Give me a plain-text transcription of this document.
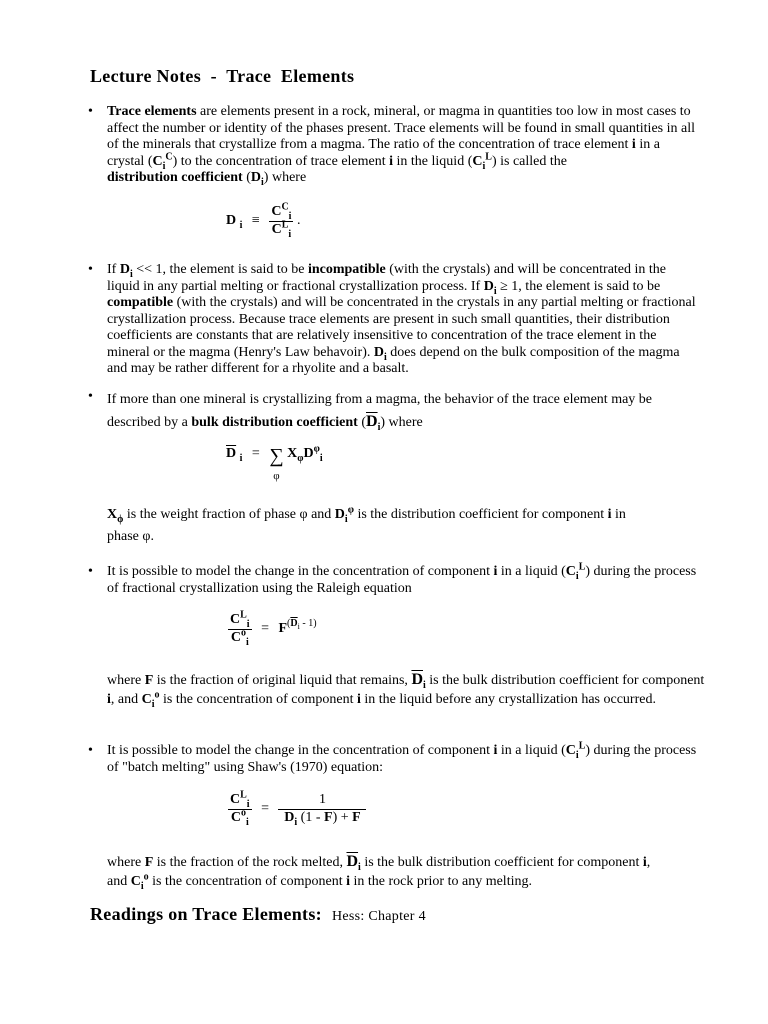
Lecture Notes  -  Trace  Elements
• Trace elements are elements present in a rock, mineral, or magma in quantities too low in most cases to affect the number or identity of the phases present. Trace elements will be found in small quantities in all of the minerals that crystallize from a magma. The ratio of the concentration of trace element i in a crystal $(C_i^C)$ to the concentration of trace element i in the liquid $(C_i^L)$ is called the
distribution coefficient $(D_i)$ where
D $_i \equiv \frac{C^C_i}{C^L_i}$ .
• If $D_i << 1$, the element is said to be incompatible (with the crystals) and will be concentrated in the liquid in any partial melting or fractional crystallization process. If $D_i \ge 1$, the element is said to be compatible (with the crystals) and will be concentrated in the crystals in any partial melting or fractional crystallization process. Because trace elements are present in such small quantities, their distribution coefficients are constants that are relatively insensitive to concentration of the trace element in the mineral or the magma (Henry's Law behavoir). $D_i$ does depend on the bulk composition of the magma and may be rather different for a rhyolite and a basalt.
• If more than one mineral is crystallizing from a magma, the behavior of the trace element may be
described by a bulk distribution coefficient $(\overline{D}_i)$ where
$\overline{D}$ $_i$ = ∑
φ
$X_\varphi D^\varphi_i$
$X_\phi$ is the weight fraction of phase φ and $D_i^\varphi$ is the distribution coefficient for component i in
phase φ.
• It is possible to model the change in the concentration of component i in a liquid $(C_i^L)$ during the process of fractional crystallization using the Raleigh equation
$\frac{C^L_i}{C^o_i} = F^{(\overline{D}_i - 1)}$
where F is the fraction of original liquid that remains, $\overline{D}_i$ is the bulk distribution coefficient for component i, and $C_i^o$ is the concentration of component i in the liquid before any crystallization has occurred.
• It is possible to model the change in the concentration of component i in a liquid $(C_i^L)$ during the process of "batch melting" using Shaw's (1970) equation:
$\frac{C^L_i}{C^o_i} = \frac{1}{\overline{D}_i (1 - F) + F}$
where F is the fraction of the rock melted, $\overline{D}_i$ is the bulk distribution coefficient for component i,
and $C_i^o$ is the concentration of component i in the rock prior to any melting.
Readings on Trace Elements: Hess: Chapter 4
